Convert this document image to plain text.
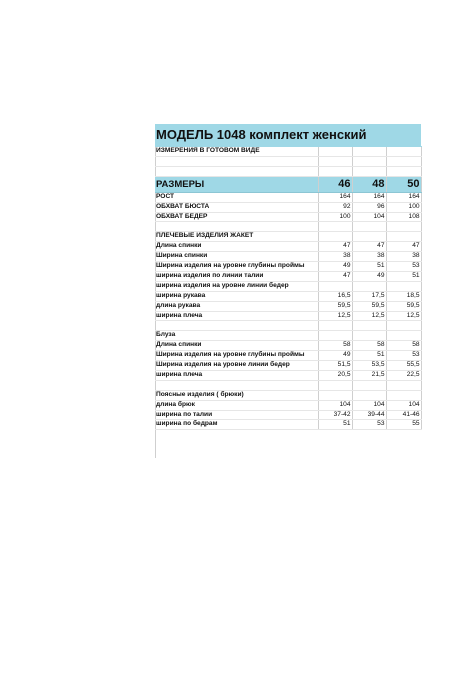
МОДЕЛЬ 1048 комплект женский			
ИЗМЕРЕНИЯ В ГОТОВОМ ВИДЕ			

РАЗМЕРЫ	46	48	50
РОСТ	164	164	164
ОБХВАТ БЮСТА	92	96	100
ОБХВАТ БЕДЕР	100	104	108

ПЛЕЧЕВЫЕ ИЗДЕЛИЯ ЖАКЕТ			
Длина спинки	47	47	47
Ширина спинки	38	38	38
Ширина изделия на уровне глубины проймы	49	51	53
ширина изделия по линии талии	47	49	51
ширина изделия на уровне линии бедер			
ширина рукава	16,5	17,5	18,5
длина рукава	59,5	59,5	59,5
ширина плеча	12,5	12,5	12,5

Блуза			
Длина спинки	58	58	58
Ширина изделия на уровне глубины проймы	49	51	53
Ширина изделия на уровне линии бедер	51,5	53,5	55,5
ширина плеча	20,5	21,5	22,5

Поясные изделия ( брюки)			
длина брюк	104	104	104
ширина по талии	37-42	39-44	41-46
ширина по бедрам	51	53	55
